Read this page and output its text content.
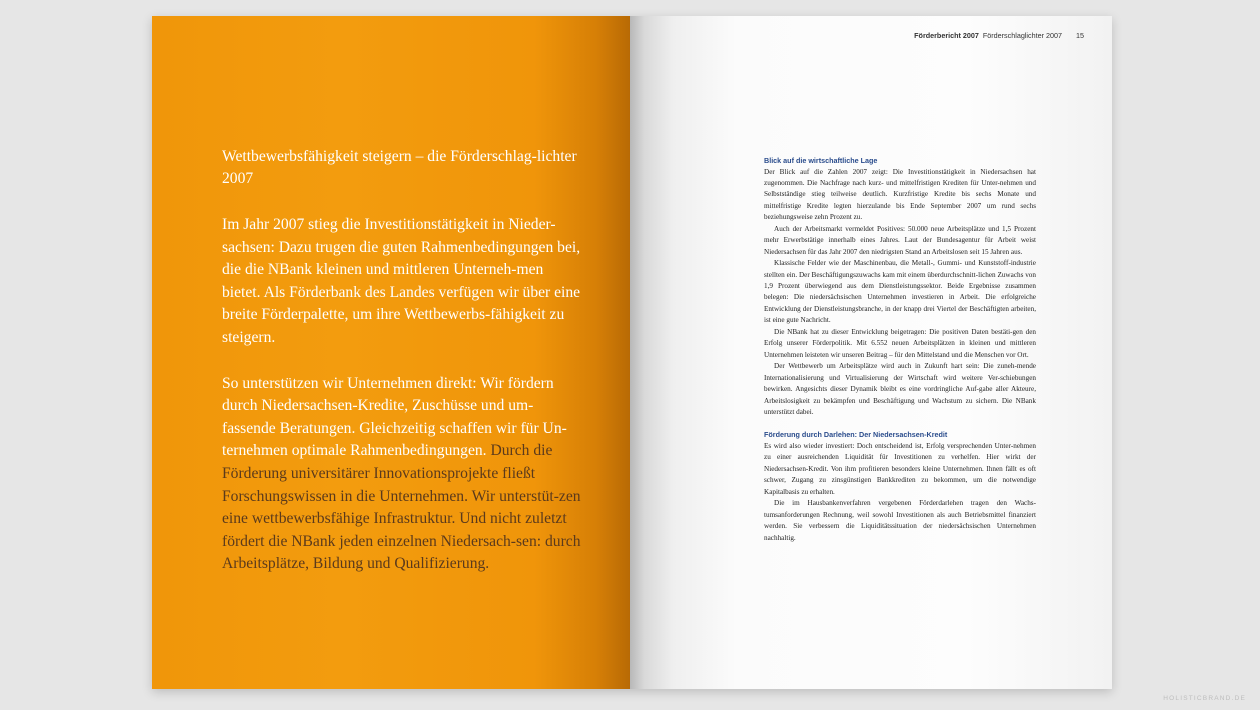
Wettbewerbsfähigkeit steigern – die Förderschlag-lichter 2007

Im Jahr 2007 stieg die Investitionstätigkeit in Nieder-sachsen: Dazu trugen die guten Rahmenbedingungen bei, die die NBank kleinen und mittleren Unterneh-men bietet. Als Förderbank des Landes verfügen wir über eine breite Förderpalette, um ihre Wettbewerbs-fähigkeit zu steigern.

So unterstützen wir Unternehmen direkt: Wir fördern durch Niedersachsen-Kredite, Zuschüsse und um-fassende Beratungen. Gleichzeitig schaffen wir für Un-ternehmen optimale Rahmenbedingungen. Durch die Förderung universitärer Innovationsprojekte fließt Forschungswissen in die Unternehmen. Wir unterstüt-zen eine wettbewerbsfähige Infrastruktur. Und nicht zuletzt fördert die NBank jeden einzelnen Niedersach-sen: durch Arbeitsplätze, Bildung und Qualifizierung.

Förderbericht 2007 Förderschlaglichter 2007 15

Blick auf die wirtschaftliche Lage

Der Blick auf die Zahlen 2007 zeigt: Die Investitionstätigkeit in Niedersachsen hat zugenommen. Die Nachfrage nach kurz- und mittelfristigen Krediten für Unter-nehmen und Selbstständige stieg teilweise deutlich. Kurzfristige Kredite bis sechs Monate und mittelfristige Kredite legten hierzulande bis Ende September 2007 um rund sechs beziehungsweise zehn Prozent zu.

Auch der Arbeitsmarkt vermeldet Positives: 50.000 neue Arbeitsplätze und 1,5 Prozent mehr Erwerbstätige innerhalb eines Jahres. Laut der Bundesagentur für Arbeit weist Niedersachsen für das Jahr 2007 den niedrigsten Stand an Arbeitslosen seit 15 Jahren aus.

Klassische Felder wie der Maschinenbau, die Metall-, Gummi- und Kunststoff-industrie stellten ein. Der Beschäftigungszuwachs kam mit einem überdurchschnitt-lichen Zuwachs von 1,9 Prozent überwiegend aus dem Dienstleistungssektor. Beide Ergebnisse zusammen belegen: Die niedersächsischen Unternehmen investieren in Arbeit. Die erfolgreiche Entwicklung der Dienstleistungsbranche, in der knapp drei Viertel der Beschäftigten arbeiten, ist eine gute Nachricht.

Die NBank hat zu dieser Entwicklung beigetragen: Die positiven Daten bestäti-gen den Erfolg unserer Förderpolitik. Mit 6.552 neuen Arbeitsplätzen in kleinen und mittleren Unternehmen leisteten wir unseren Beitrag – für den Mittelstand und die Menschen vor Ort.

Der Wettbewerb um Arbeitsplätze wird auch in Zukunft hart sein: Die zuneh-mende Internationalisierung und Virtualisierung der Wirtschaft wird weitere Ver-schiebungen bewirken. Angesichts dieser Dynamik bleibt es eine vordringliche Auf-gabe aller Akteure, Arbeitslosigkeit zu bekämpfen und Beschäftigung und Wachstum zu sichern. Die NBank unterstützt dabei.

Förderung durch Darlehen: Der Niedersachsen-Kredit

Es wird also wieder investiert: Doch entscheidend ist, Erfolg versprechenden Unter-nehmen zu einer ausreichenden Liquidität für Investitionen zu verhelfen. Hier wirkt der Niedersachsen-Kredit. Von ihm profitieren besonders kleine Unternehmen. Ihnen fällt es oft schwer, Zugang zu zinsgünstigen Bankkrediten zu bekommen, um die notwendige Kapitalbasis zu erhalten.

Die im Hausbankenverfahren vergebenen Förderdarlehen tragen den Wachs-tumsanforderungen Rechnung, weil sowohl Investitionen als auch Betriebsmittel finanziert werden. Sie verbessern die Liquiditätssituation der niedersächsischen Unternehmen nachhaltig.

HOLISTICBRAND.DE
